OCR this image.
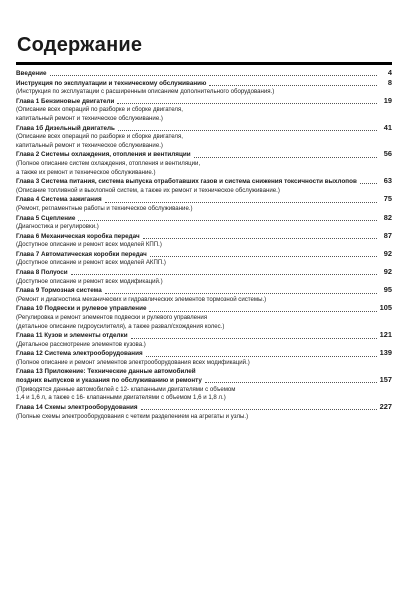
Содержание
Введение	4
Инструкция по эксплуатации и техническому обслуживанию	8
(Инструкция по эксплуатации с расширенным описанием дополнительного оборудования.)
Глава 1 Бензиновые двигатели	19
(Описание всех операций по разборке и сборке двигателя,
капитальный ремонт и техническое обслуживание.)
Глава 1б Дизельный двигатель	41
(Описание всех операций по разборке и сборке двигателя,
капитальный ремонт и техническое обслуживание.)
Глава 2 Системы охлаждения, отопления и вентиляции	56
(Полное описание систем охлаждения, отопления и вентиляции,
а также их ремонт и техническое обслуживание.)
Глава 3 Система питания, система выпуска отработавших газов и система снижения токсичности выхлопов	63
(Описание топливной и выхлопной систем, а также их ремонт и техническое обслуживание.)
Глава 4 Система зажигания	75
(Ремонт, регламентные работы и техническое обслуживание.)
Глава 5 Сцепление	82
(Диагностика и регулировки.)
Глава 6 Механическая коробка передач	87
(Доступное описание и ремонт всех моделей КПП.)
Глава 7 Автоматическая коробки передач	92
(Доступное описание и ремонт всех моделей АКПП.)
Глава 8 Полуоси	92
(Доступное описание и ремонт всех модификаций.)
Глава 9 Тормозная система	95
(Ремонт и диагностика механических и гидравлических элементов тормозной системы.)
Глава 10 Подвески и рулевое управление	105
(Регулировка и ремонт элементов подвески и рулевого управления
(детальное описание гидроусилителя), а также развал/схождения колес.)
Глава 11 Кузов и элементы отделки	121
(Детальное рассмотрение элементов кузова.)
Глава 12 Система электрооборудования	139
(Полное описание и ремонт элементов электрооборудования всех модификаций.)
Глава 13 Приложение: Технические данные автомобилей
поздних выпусков и указания по обслуживанию и ремонту	157
(Приводятся данные автомобилей с 12- клапанными двигателями с объемом
1,4 и 1,6 л, а также с 16- клапанными двигателями с объемом 1,6 и 1,8 л.)
Глава 14 Схемы электрооборудования	227
(Полные схемы электрооборудования с четким разделением на агрегаты и узлы.)
